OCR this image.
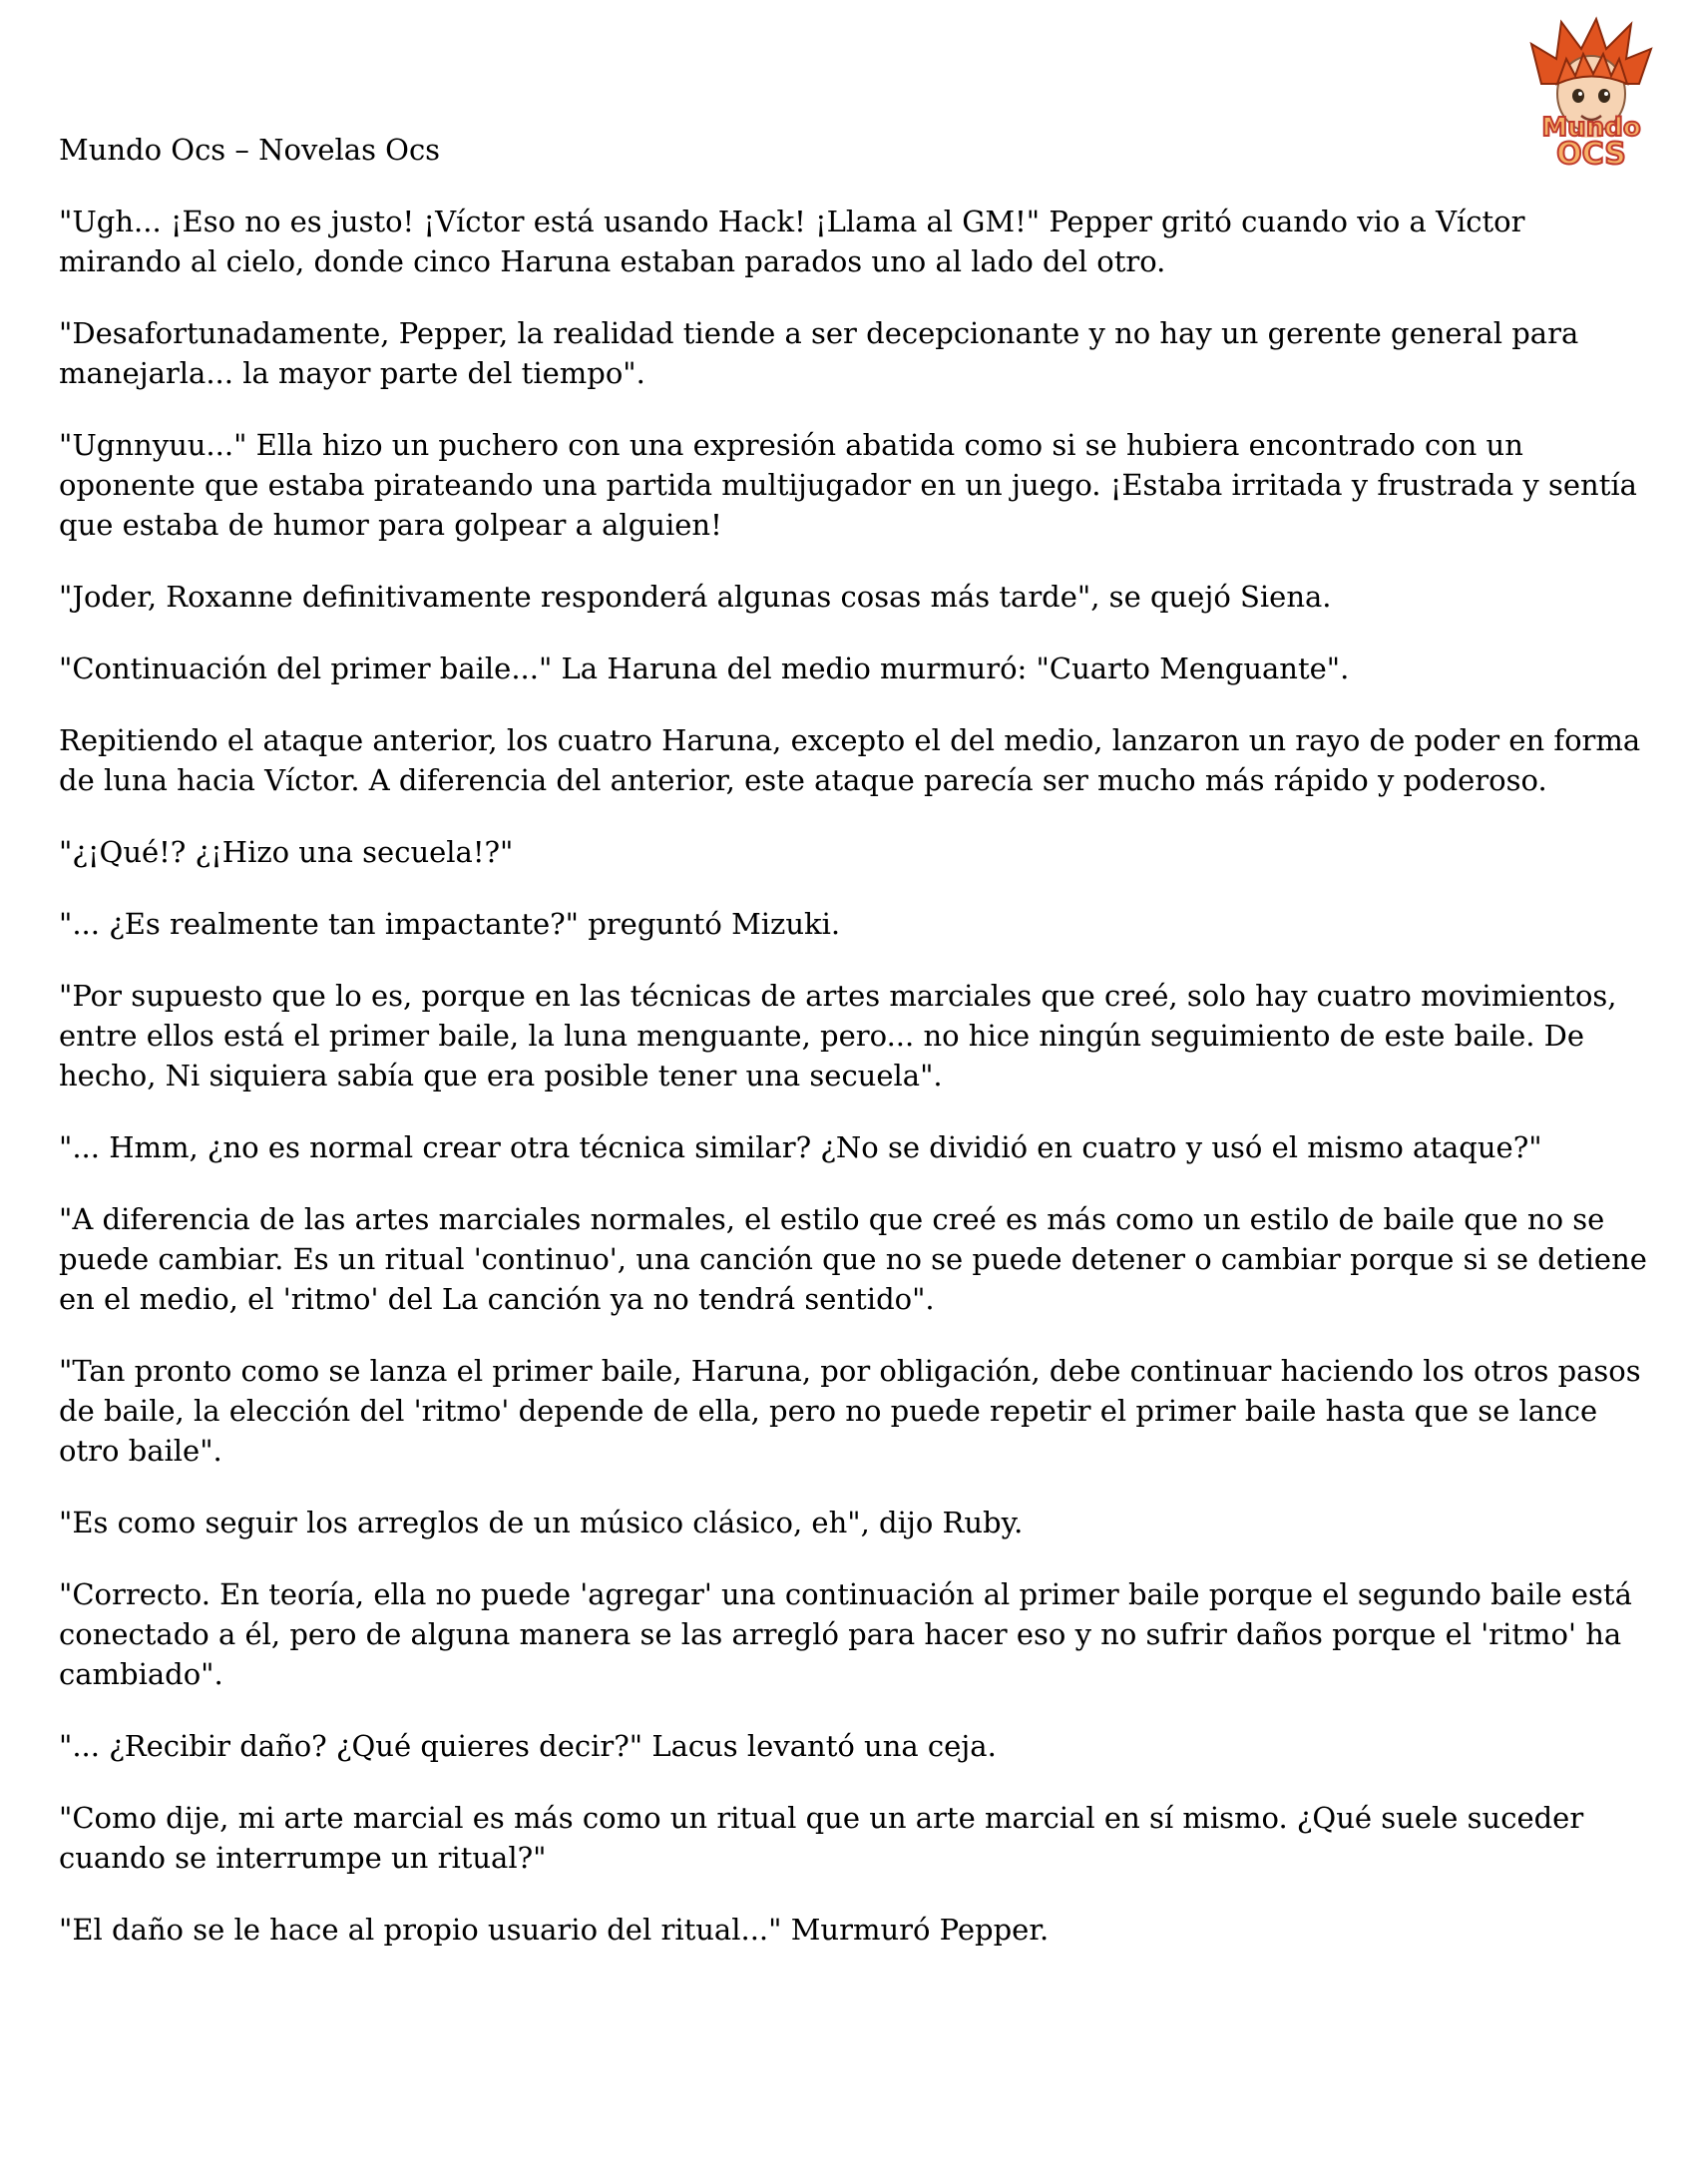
Mundo
OCS
Mundo Ocs – Novelas Ocs

"Ugh... ¡Eso no es justo! ¡Víctor está usando Hack! ¡Llama al GM!" Pepper gritó cuando vio a Víctor mirando al cielo, donde cinco Haruna estaban parados uno al lado del otro.

"Desafortunadamente, Pepper, la realidad tiende a ser decepcionante y no hay un gerente general para manejarla... la mayor parte del tiempo".

"Ugnnyuu..." Ella hizo un puchero con una expresión abatida como si se hubiera encontrado con un oponente que estaba pirateando una partida multijugador en un juego. ¡Estaba irritada y frustrada y sentía que estaba de humor para golpear a alguien!

"Joder, Roxanne definitivamente responderá algunas cosas más tarde", se quejó Siena.

"Continuación del primer baile..." La Haruna del medio murmuró: "Cuarto Menguante".

Repitiendo el ataque anterior, los cuatro Haruna, excepto el del medio, lanzaron un rayo de poder en forma de luna hacia Víctor. A diferencia del anterior, este ataque parecía ser mucho más rápido y poderoso.

"¿¡Qué!? ¿¡Hizo una secuela!?"

"... ¿Es realmente tan impactante?" preguntó Mizuki.

"Por supuesto que lo es, porque en las técnicas de artes marciales que creé, solo hay cuatro movimientos, entre ellos está el primer baile, la luna menguante, pero... no hice ningún seguimiento de este baile. De hecho, Ni siquiera sabía que era posible tener una secuela".

"... Hmm, ¿no es normal crear otra técnica similar? ¿No se dividió en cuatro y usó el mismo ataque?"

"A diferencia de las artes marciales normales, el estilo que creé es más como un estilo de baile que no se puede cambiar. Es un ritual 'continuo', una canción que no se puede detener o cambiar porque si se detiene en el medio, el 'ritmo' del La canción ya no tendrá sentido".

"Tan pronto como se lanza el primer baile, Haruna, por obligación, debe continuar haciendo los otros pasos de baile, la elección del 'ritmo' depende de ella, pero no puede repetir el primer baile hasta que se lance otro baile".

"Es como seguir los arreglos de un músico clásico, eh", dijo Ruby.

"Correcto. En teoría, ella no puede 'agregar' una continuación al primer baile porque el segundo baile está conectado a él, pero de alguna manera se las arregló para hacer eso y no sufrir daños porque el 'ritmo' ha cambiado".

"... ¿Recibir daño? ¿Qué quieres decir?" Lacus levantó una ceja.

"Como dije, mi arte marcial es más como un ritual que un arte marcial en sí mismo. ¿Qué suele suceder cuando se interrumpe un ritual?"

"El daño se le hace al propio usuario del ritual..." Murmuró Pepper.
